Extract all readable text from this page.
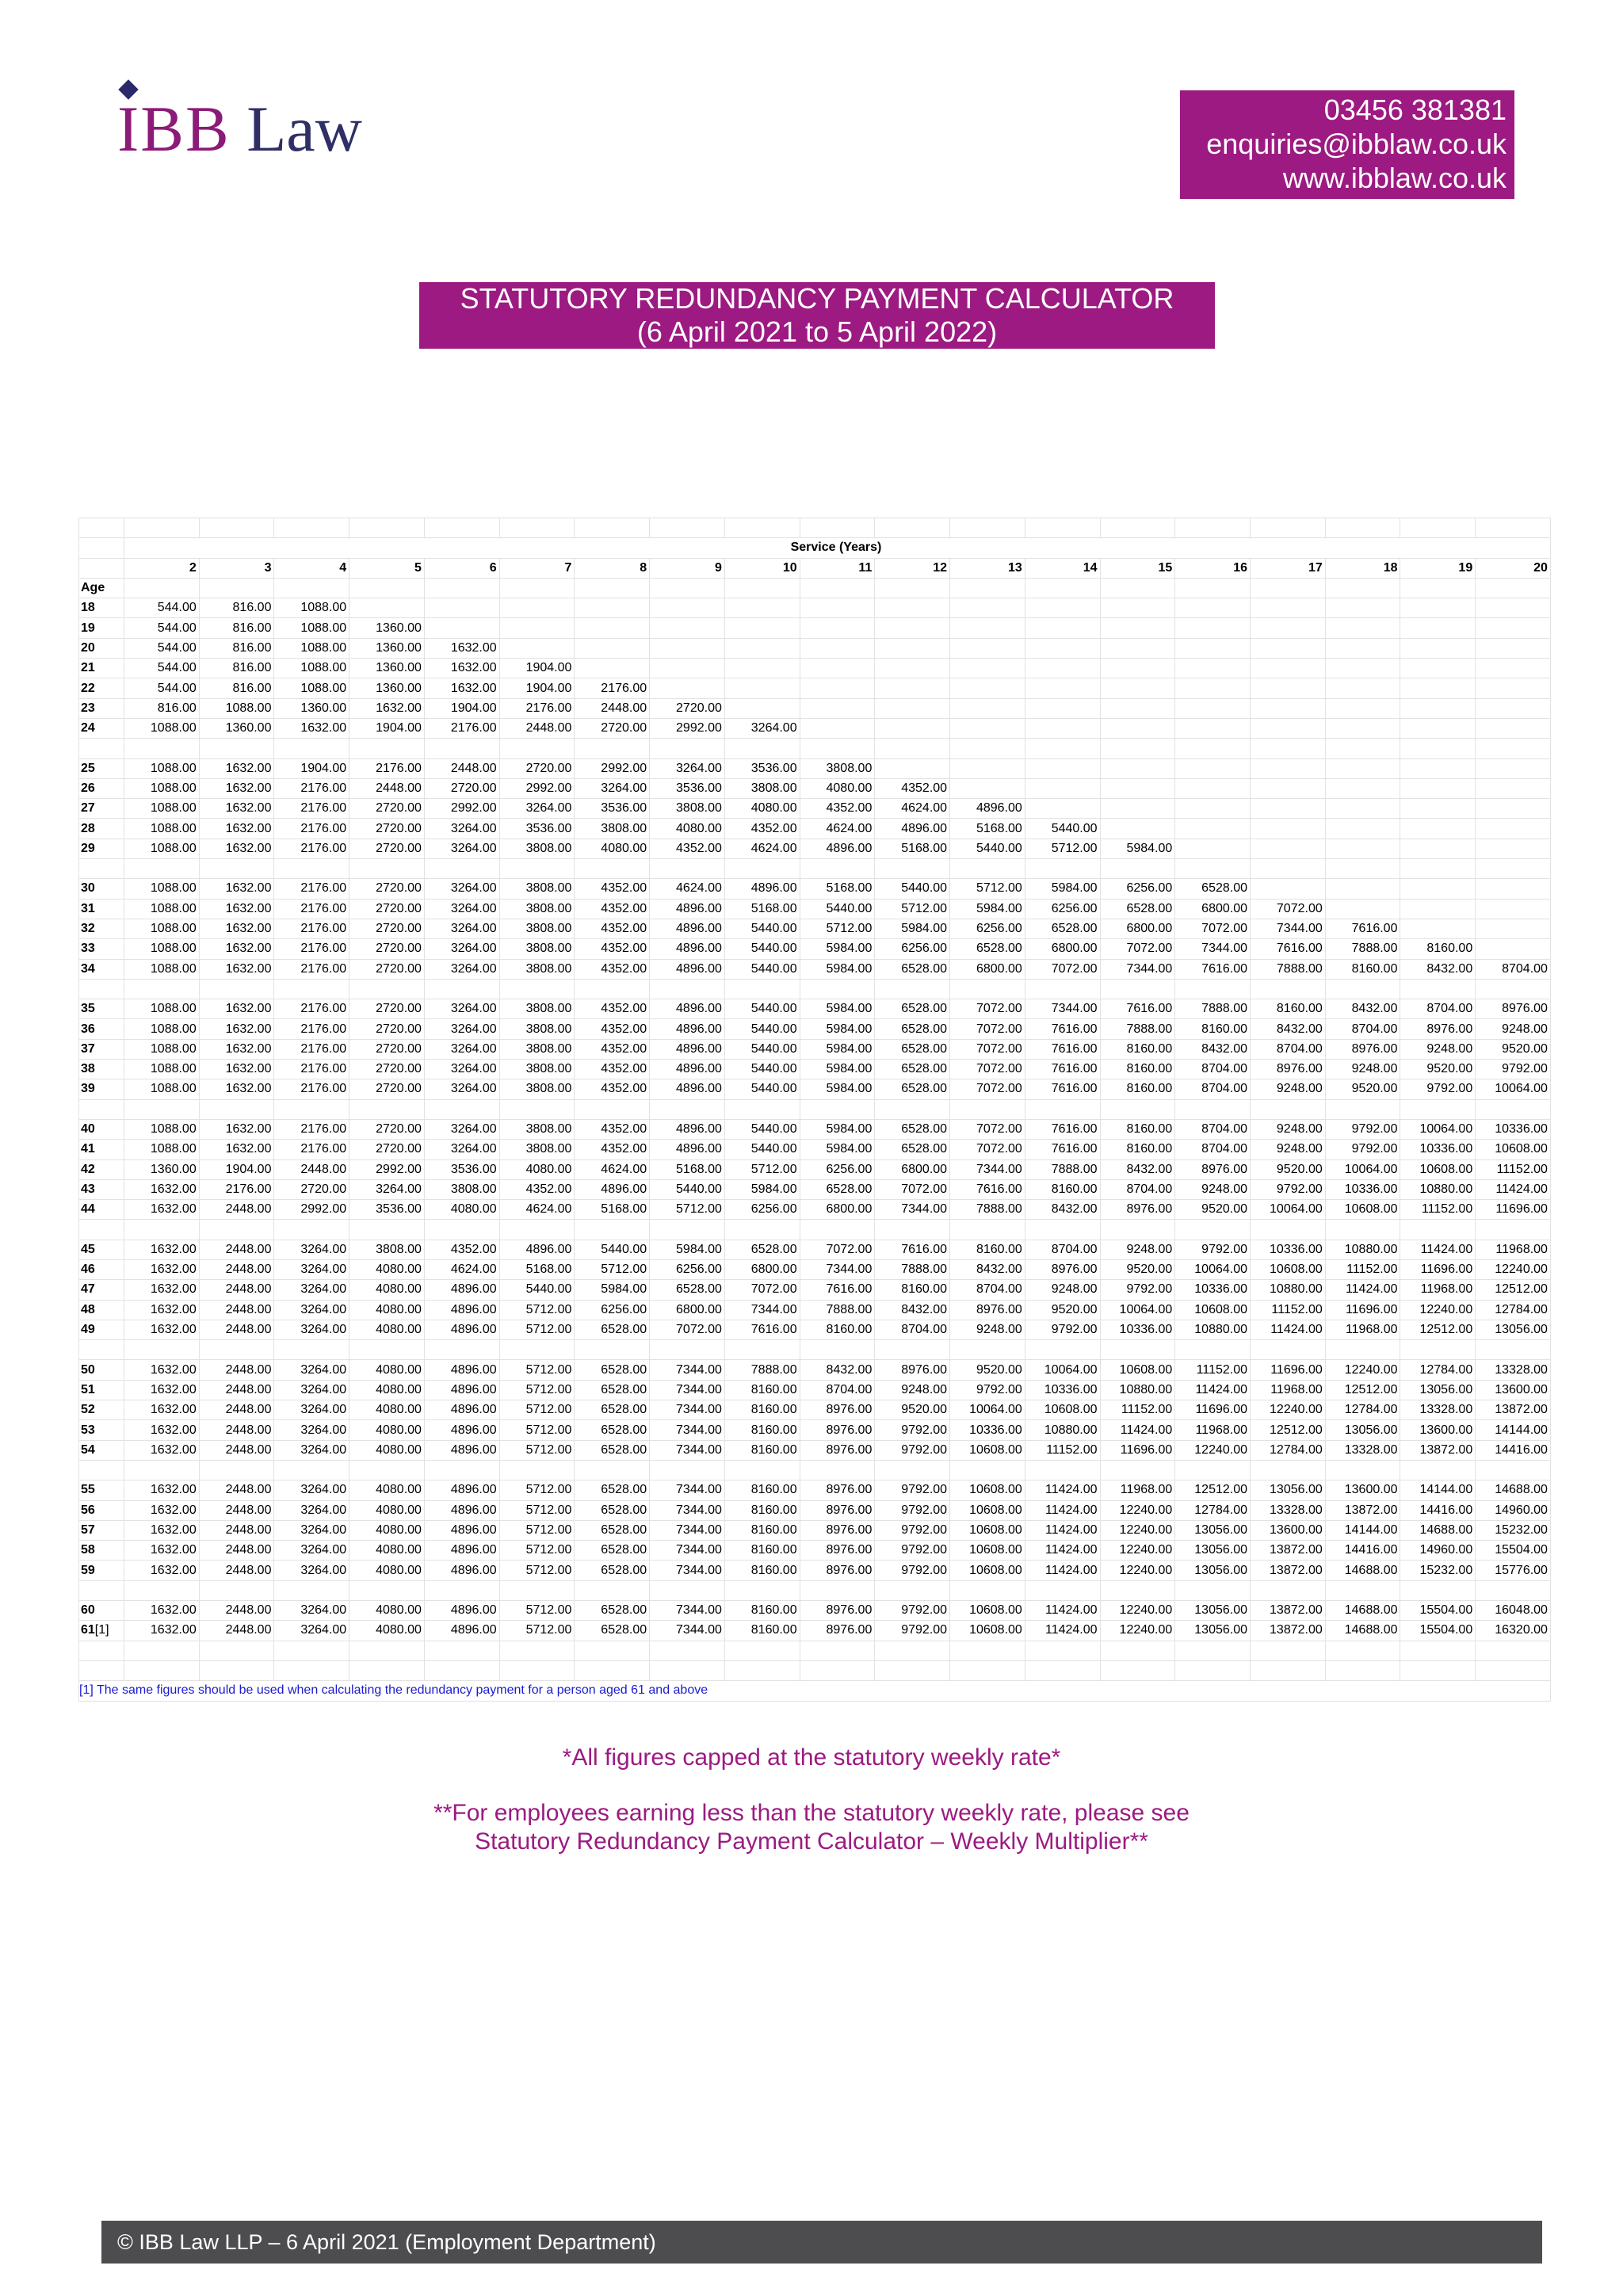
IBB Law	03456 381381
enquiries@ibblaw.co.uk
www.ibblaw.co.uk
STATUTORY REDUNDANCY PAYMENT CALCULATOR
(6 April 2021 to 5 April 2022)

	Service (Years)																		
	2	3	4	5	6	7	8	9	10	11	12	13	14	15	16	17	18	19	20
Age																			
18	544.00	816.00	1088.00																
19	544.00	816.00	1088.00	1360.00															
20	544.00	816.00	1088.00	1360.00	1632.00														
21	544.00	816.00	1088.00	1360.00	1632.00	1904.00													
22	544.00	816.00	1088.00	1360.00	1632.00	1904.00	2176.00												
23	816.00	1088.00	1360.00	1632.00	1904.00	2176.00	2448.00	2720.00											
24	1088.00	1360.00	1632.00	1904.00	2176.00	2448.00	2720.00	2992.00	3264.00										

25	1088.00	1632.00	1904.00	2176.00	2448.00	2720.00	2992.00	3264.00	3536.00	3808.00									
26	1088.00	1632.00	2176.00	2448.00	2720.00	2992.00	3264.00	3536.00	3808.00	4080.00	4352.00								
27	1088.00	1632.00	2176.00	2720.00	2992.00	3264.00	3536.00	3808.00	4080.00	4352.00	4624.00	4896.00							
28	1088.00	1632.00	2176.00	2720.00	3264.00	3536.00	3808.00	4080.00	4352.00	4624.00	4896.00	5168.00	5440.00						
29	1088.00	1632.00	2176.00	2720.00	3264.00	3808.00	4080.00	4352.00	4624.00	4896.00	5168.00	5440.00	5712.00	5984.00					

30	1088.00	1632.00	2176.00	2720.00	3264.00	3808.00	4352.00	4624.00	4896.00	5168.00	5440.00	5712.00	5984.00	6256.00	6528.00				
31	1088.00	1632.00	2176.00	2720.00	3264.00	3808.00	4352.00	4896.00	5168.00	5440.00	5712.00	5984.00	6256.00	6528.00	6800.00	7072.00			
32	1088.00	1632.00	2176.00	2720.00	3264.00	3808.00	4352.00	4896.00	5440.00	5712.00	5984.00	6256.00	6528.00	6800.00	7072.00	7344.00	7616.00		
33	1088.00	1632.00	2176.00	2720.00	3264.00	3808.00	4352.00	4896.00	5440.00	5984.00	6256.00	6528.00	6800.00	7072.00	7344.00	7616.00	7888.00	8160.00	
34	1088.00	1632.00	2176.00	2720.00	3264.00	3808.00	4352.00	4896.00	5440.00	5984.00	6528.00	6800.00	7072.00	7344.00	7616.00	7888.00	8160.00	8432.00	8704.00

35	1088.00	1632.00	2176.00	2720.00	3264.00	3808.00	4352.00	4896.00	5440.00	5984.00	6528.00	7072.00	7344.00	7616.00	7888.00	8160.00	8432.00	8704.00	8976.00
36	1088.00	1632.00	2176.00	2720.00	3264.00	3808.00	4352.00	4896.00	5440.00	5984.00	6528.00	7072.00	7616.00	7888.00	8160.00	8432.00	8704.00	8976.00	9248.00
37	1088.00	1632.00	2176.00	2720.00	3264.00	3808.00	4352.00	4896.00	5440.00	5984.00	6528.00	7072.00	7616.00	8160.00	8432.00	8704.00	8976.00	9248.00	9520.00
38	1088.00	1632.00	2176.00	2720.00	3264.00	3808.00	4352.00	4896.00	5440.00	5984.00	6528.00	7072.00	7616.00	8160.00	8704.00	8976.00	9248.00	9520.00	9792.00
39	1088.00	1632.00	2176.00	2720.00	3264.00	3808.00	4352.00	4896.00	5440.00	5984.00	6528.00	7072.00	7616.00	8160.00	8704.00	9248.00	9520.00	9792.00	10064.00

40	1088.00	1632.00	2176.00	2720.00	3264.00	3808.00	4352.00	4896.00	5440.00	5984.00	6528.00	7072.00	7616.00	8160.00	8704.00	9248.00	9792.00	10064.00	10336.00
41	1088.00	1632.00	2176.00	2720.00	3264.00	3808.00	4352.00	4896.00	5440.00	5984.00	6528.00	7072.00	7616.00	8160.00	8704.00	9248.00	9792.00	10336.00	10608.00
42	1360.00	1904.00	2448.00	2992.00	3536.00	4080.00	4624.00	5168.00	5712.00	6256.00	6800.00	7344.00	7888.00	8432.00	8976.00	9520.00	10064.00	10608.00	11152.00
43	1632.00	2176.00	2720.00	3264.00	3808.00	4352.00	4896.00	5440.00	5984.00	6528.00	7072.00	7616.00	8160.00	8704.00	9248.00	9792.00	10336.00	10880.00	11424.00
44	1632.00	2448.00	2992.00	3536.00	4080.00	4624.00	5168.00	5712.00	6256.00	6800.00	7344.00	7888.00	8432.00	8976.00	9520.00	10064.00	10608.00	11152.00	11696.00

45	1632.00	2448.00	3264.00	3808.00	4352.00	4896.00	5440.00	5984.00	6528.00	7072.00	7616.00	8160.00	8704.00	9248.00	9792.00	10336.00	10880.00	11424.00	11968.00
46	1632.00	2448.00	3264.00	4080.00	4624.00	5168.00	5712.00	6256.00	6800.00	7344.00	7888.00	8432.00	8976.00	9520.00	10064.00	10608.00	11152.00	11696.00	12240.00
47	1632.00	2448.00	3264.00	4080.00	4896.00	5440.00	5984.00	6528.00	7072.00	7616.00	8160.00	8704.00	9248.00	9792.00	10336.00	10880.00	11424.00	11968.00	12512.00
48	1632.00	2448.00	3264.00	4080.00	4896.00	5712.00	6256.00	6800.00	7344.00	7888.00	8432.00	8976.00	9520.00	10064.00	10608.00	11152.00	11696.00	12240.00	12784.00
49	1632.00	2448.00	3264.00	4080.00	4896.00	5712.00	6528.00	7072.00	7616.00	8160.00	8704.00	9248.00	9792.00	10336.00	10880.00	11424.00	11968.00	12512.00	13056.00

50	1632.00	2448.00	3264.00	4080.00	4896.00	5712.00	6528.00	7344.00	7888.00	8432.00	8976.00	9520.00	10064.00	10608.00	11152.00	11696.00	12240.00	12784.00	13328.00
51	1632.00	2448.00	3264.00	4080.00	4896.00	5712.00	6528.00	7344.00	8160.00	8704.00	9248.00	9792.00	10336.00	10880.00	11424.00	11968.00	12512.00	13056.00	13600.00
52	1632.00	2448.00	3264.00	4080.00	4896.00	5712.00	6528.00	7344.00	8160.00	8976.00	9520.00	10064.00	10608.00	11152.00	11696.00	12240.00	12784.00	13328.00	13872.00
53	1632.00	2448.00	3264.00	4080.00	4896.00	5712.00	6528.00	7344.00	8160.00	8976.00	9792.00	10336.00	10880.00	11424.00	11968.00	12512.00	13056.00	13600.00	14144.00
54	1632.00	2448.00	3264.00	4080.00	4896.00	5712.00	6528.00	7344.00	8160.00	8976.00	9792.00	10608.00	11152.00	11696.00	12240.00	12784.00	13328.00	13872.00	14416.00

55	1632.00	2448.00	3264.00	4080.00	4896.00	5712.00	6528.00	7344.00	8160.00	8976.00	9792.00	10608.00	11424.00	11968.00	12512.00	13056.00	13600.00	14144.00	14688.00
56	1632.00	2448.00	3264.00	4080.00	4896.00	5712.00	6528.00	7344.00	8160.00	8976.00	9792.00	10608.00	11424.00	12240.00	12784.00	13328.00	13872.00	14416.00	14960.00
57	1632.00	2448.00	3264.00	4080.00	4896.00	5712.00	6528.00	7344.00	8160.00	8976.00	9792.00	10608.00	11424.00	12240.00	13056.00	13600.00	14144.00	14688.00	15232.00
58	1632.00	2448.00	3264.00	4080.00	4896.00	5712.00	6528.00	7344.00	8160.00	8976.00	9792.00	10608.00	11424.00	12240.00	13056.00	13872.00	14416.00	14960.00	15504.00
59	1632.00	2448.00	3264.00	4080.00	4896.00	5712.00	6528.00	7344.00	8160.00	8976.00	9792.00	10608.00	11424.00	12240.00	13056.00	13872.00	14688.00	15232.00	15776.00

60	1632.00	2448.00	3264.00	4080.00	4896.00	5712.00	6528.00	7344.00	8160.00	8976.00	9792.00	10608.00	11424.00	12240.00	13056.00	13872.00	14688.00	15504.00	16048.00
61[1]	1632.00	2448.00	3264.00	4080.00	4896.00	5712.00	6528.00	7344.00	8160.00	8976.00	9792.00	10608.00	11424.00	12240.00	13056.00	13872.00	14688.00	15504.00	16320.00

[1] The same figures should be used when calculating the redundancy payment for a person aged 61 and above																			
*All figures capped at the statutory weekly rate*
**For employees earning less than the statutory weekly rate, please see
Statutory Redundancy Payment Calculator – Weekly Multiplier**
© IBB Law LLP – 6 April 2021 (Employment Department)
